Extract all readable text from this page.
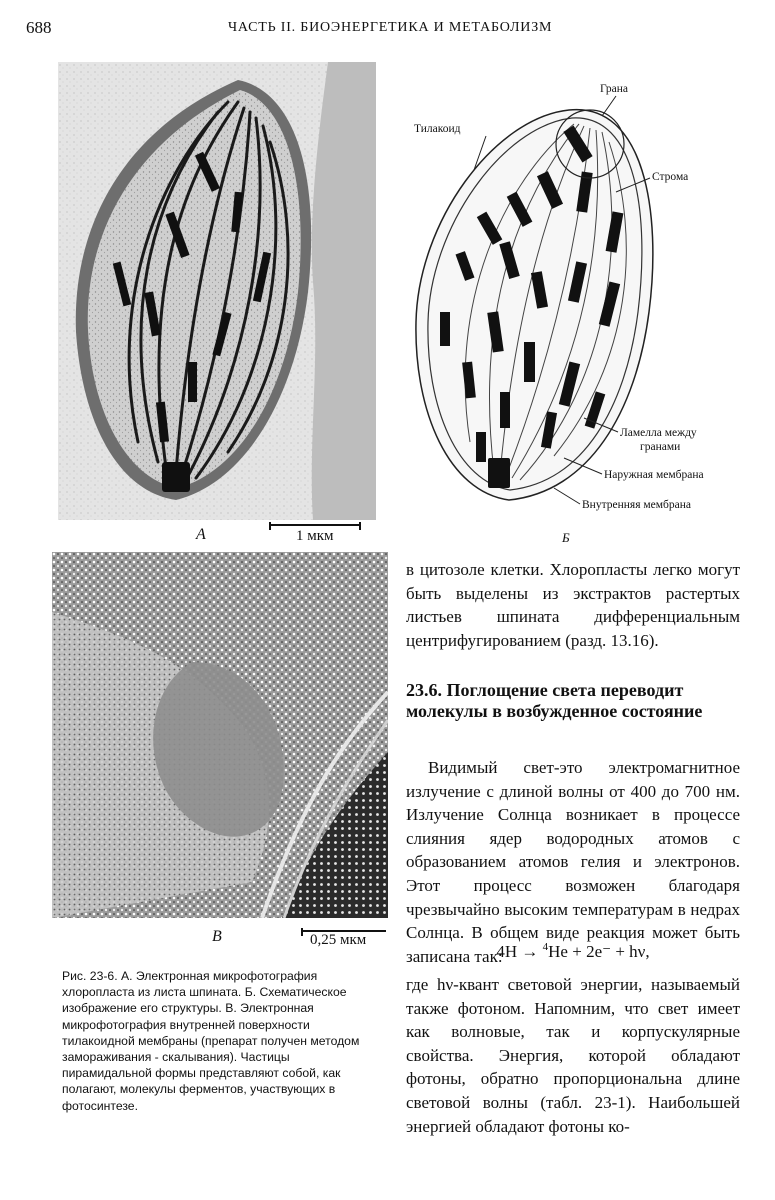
688	ЧАСТЬ II. БИОЭНЕРГЕТИКА И МЕТАБОЛИЗМ
А	1 мкм
Грана
Тилакоид
Строма
Ламелла между
гранами
Наружная мембрана
Внутренняя мембрана
Б
В	0,25 мкм
Рис. 23-6. А. Электронная микрофотография хлоропласта из листа шпината. Б. Схематическое изображение его структуры. В. Электронная микрофотография внутренней поверхности тилакоидной мембраны (препарат получен методом замораживания - скалывания). Частицы пирамидальной формы представляют собой, как полагают, молекулы ферментов, участвующих в фотосинтезе.
в цитозоле клетки. Хлоропласты легко могут быть выделены из экстрактов растертых листьев шпината дифференциальным центрифугированием (разд. 13.16).
23.6. Поглощение света переводит молекулы в возбужденное состояние
Видимый свет-это электромагнитное излучение с длиной волны от 400 до 700 нм. Излучение Солнца возникает в процессе слияния ядер водородных атомов с образованием атомов гелия и электронов. Этот процесс возможен благодаря чрезвычайно высоким температурам в недрах Солнца. В общем виде реакция может быть записана так:
4H → $^4$He + 2e⁻ + hν,
где hν-квант световой энергии, называемый также фотоном. Напомним, что свет имеет как волновые, так и корпускулярные свойства. Энергия, которой обладают фотоны, обратно пропорциональна длине световой волны (табл. 23-1). Наибольшей энергией обладают фотоны ко-
